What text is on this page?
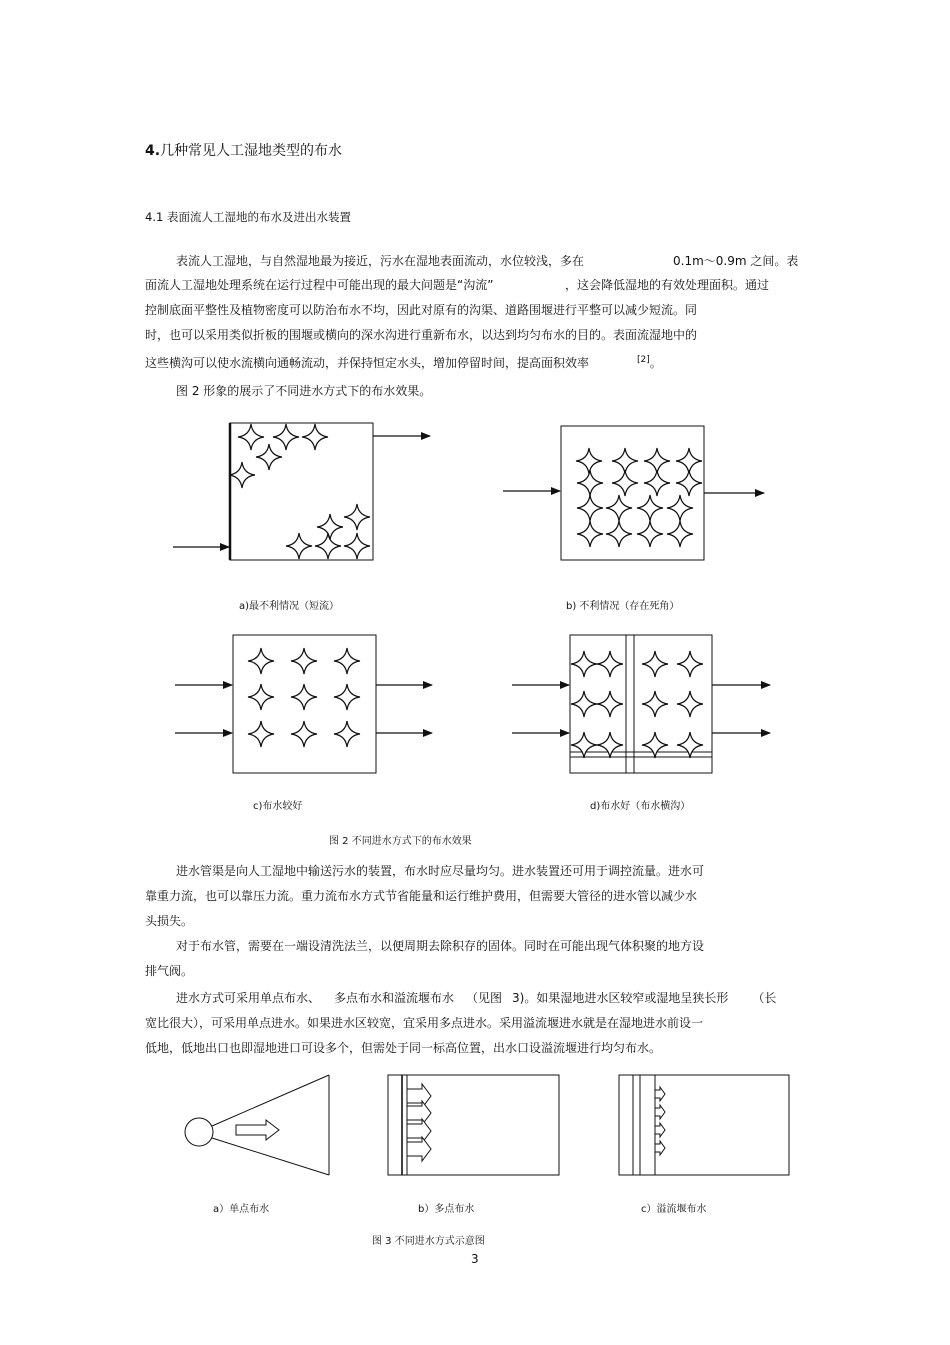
4.几种常见人工湿地类型的布水
4.1 表面流人工湿地的布水及进出水装置
表流人工湿地，与自然湿地最为接近，污水在湿地表面流动，水位较浅，多在	0.1m～0.9m 之间。表
面流人工湿地处理系统在运行过程中可能出现的最大问题是“沟流”	，这会降低湿地的有效处理面积。通过
控制底面平整性及植物密度可以防治布水不均，因此对原有的沟渠、道路围堰进行平整可以减少短流。同
时，也可以采用类似折板的围堰或横向的深水沟进行重新布水，以达到均匀布水的目的。表面流湿地中的
这些横沟可以使水流横向通畅流动，并保持恒定水头，增加停留时间，提高面积效率	[2]。
图 2 形象的展示了不同进水方式下的布水效果。
a)最不利情况（短流）	b) 不利情况（存在死角）
c)布水较好	d)布水好（布水横沟）
图 2 不同进水方式下的布水效果
进水管渠是向人工湿地中输送污水的装置，布水时应尽量均匀。进水装置还可用于调控流量。进水可
靠重力流，也可以靠压力流。重力流布水方式节省能量和运行维护费用，但需要大管径的进水管以减少水
头损失。
对于布水管，需要在一端设清洗法兰，以便周期去除积存的固体。同时在可能出现气体积聚的地方设
排气阀。
进水方式可采用单点布水、 多点布水和溢流堰布水 （见图 3)。如果湿地进水区较窄或湿地呈狭长形 （长
宽比很大），可采用单点进水。如果进水区较宽，宜采用多点进水。采用溢流堰进水就是在湿地进水前设一
低地，低地出口也即湿地进口可设多个，但需处于同一标高位置，出水口设溢流堰进行均匀布水。
a）单点布水	b）多点布水	c）溢流堰布水
图 3 不同进水方式示意图
3
